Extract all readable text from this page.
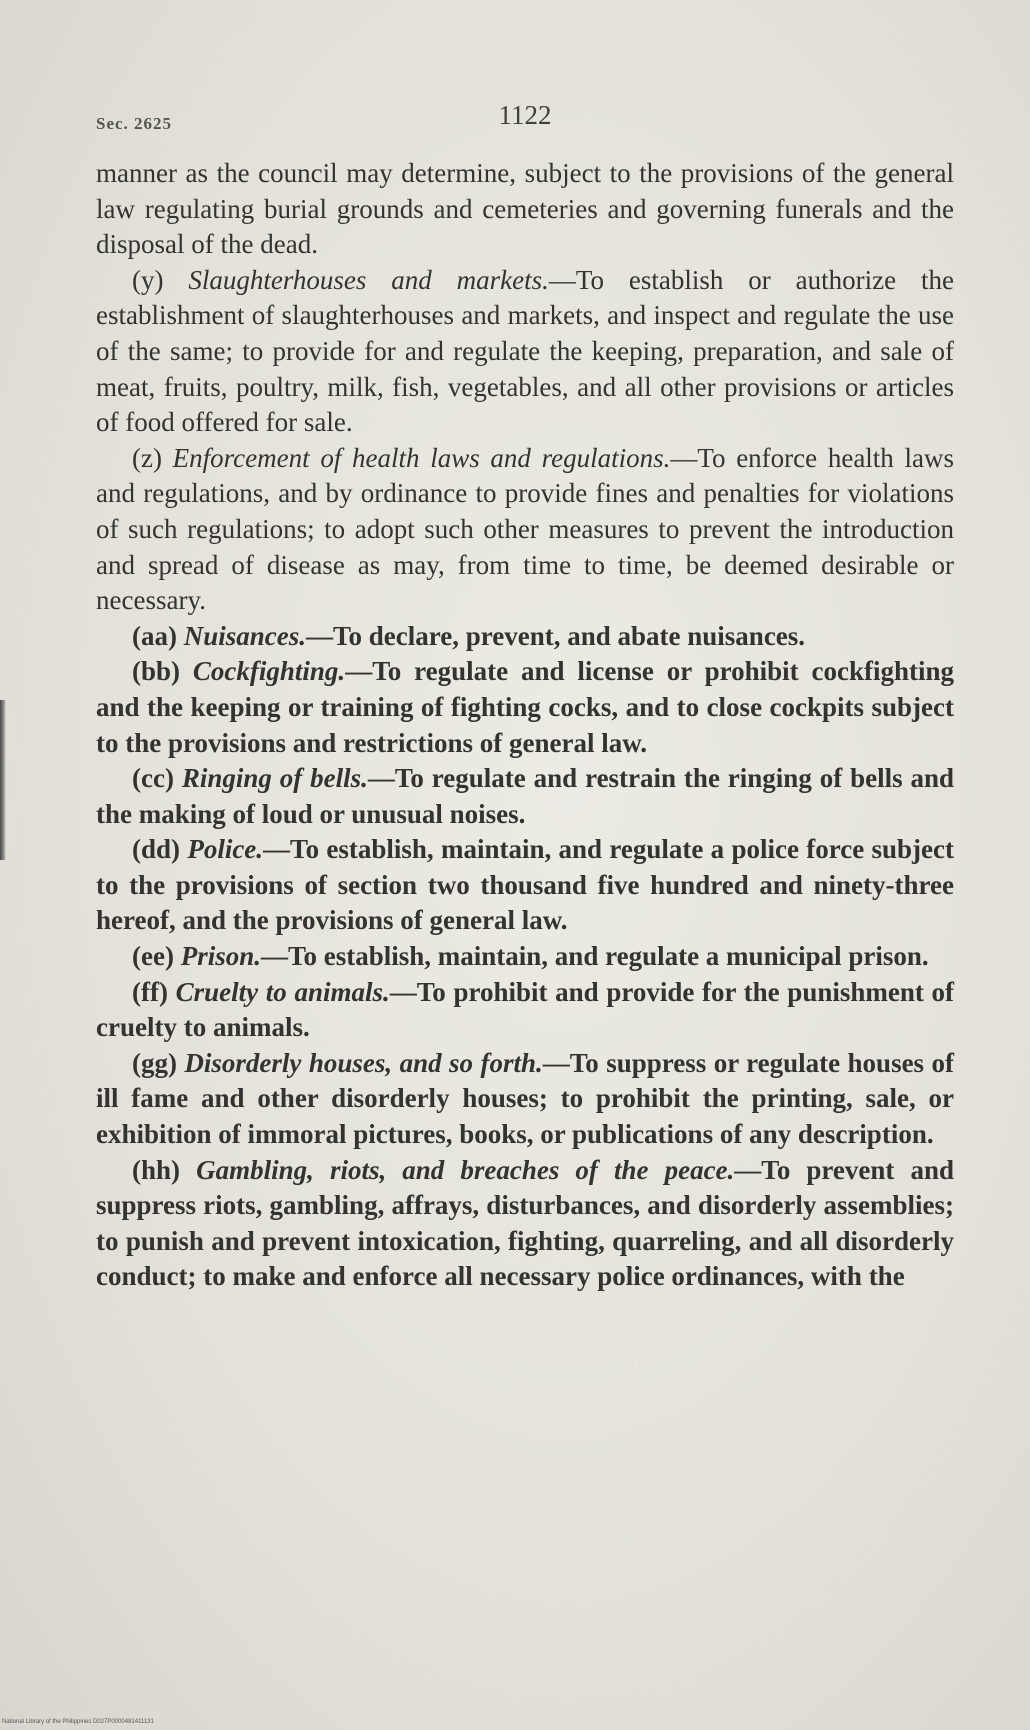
Sec. 2625	1122

manner as the council may determine, subject to the provisions of the general law regulating burial grounds and cemeteries and governing funerals and the disposal of the dead.

(y) Slaughterhouses and markets.—To establish or authorize the establishment of slaughterhouses and markets, and inspect and regulate the use of the same; to provide for and regulate the keeping, preparation, and sale of meat, fruits, poultry, milk, fish, vegetables, and all other provisions or articles of food offered for sale.

(z) Enforcement of health laws and regulations.—To enforce health laws and regulations, and by ordinance to provide fines and penalties for violations of such regulations; to adopt such other measures to prevent the introduction and spread of disease as may, from time to time, be deemed desirable or necessary.

(aa) Nuisances.—To declare, prevent, and abate nuisances.

(bb) Cockfighting.—To regulate and license or prohibit cockfighting and the keeping or training of fighting cocks, and to close cockpits subject to the provisions and restrictions of general law.

(cc) Ringing of bells.—To regulate and restrain the ringing of bells and the making of loud or unusual noises.

(dd) Police.—To establish, maintain, and regulate a police force subject to the provisions of section two thousand five hundred and ninety-three hereof, and the provisions of general law.

(ee) Prison.—To establish, maintain, and regulate a municipal prison.

(ff) Cruelty to animals.—To prohibit and provide for the punishment of cruelty to animals.

(gg) Disorderly houses, and so forth.—To suppress or regulate houses of ill fame and other disorderly houses; to prohibit the printing, sale, or exhibition of immoral pictures, books, or publications of any description.

(hh) Gambling, riots, and breaches of the peace.—To prevent and suppress riots, gambling, affrays, disturbances, and disorderly assemblies; to punish and prevent intoxication, fighting, quarreling, and all disorderly conduct; to make and enforce all necessary police ordinances, with the

National Library of the Philippines D027P0000481411131
